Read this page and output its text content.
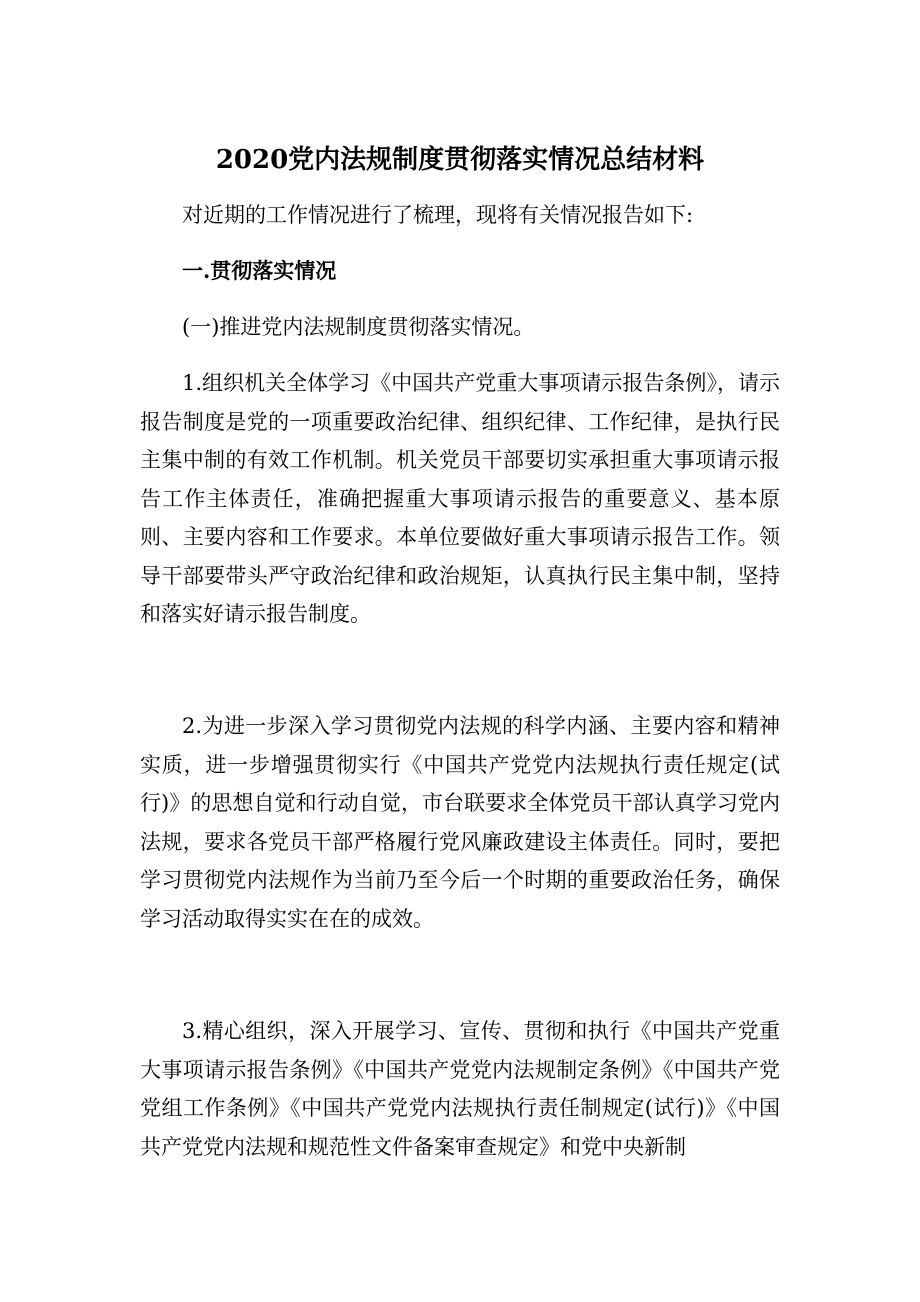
2020党内法规制度贯彻落实情况总结材料

对近期的工作情况进行了梳理，现将有关情况报告如下:

一.贯彻落实情况

(一)推进党内法规制度贯彻落实情况。

1.组织机关全体学习《中国共产党重大事项请示报告条例》，请示报告制度是党的一项重要政治纪律、组织纪律、工作纪律，是执行民主集中制的有效工作机制。机关党员干部要切实承担重大事项请示报告工作主体责任，准确把握重大事项请示报告的重要意义、基本原则、主要内容和工作要求。本单位要做好重大事项请示报告工作。领导干部要带头严守政治纪律和政治规矩，认真执行民主集中制，坚持和落实好请示报告制度。

2.为进一步深入学习贯彻党内法规的科学内涵、主要内容和精神实质，进一步增强贯彻实行《中国共产党党内法规执行责任规定(试行)》的思想自觉和行动自觉，市台联要求全体党员干部认真学习党内法规，要求各党员干部严格履行党风廉政建设主体责任。同时，要把学习贯彻党内法规作为当前乃至今后一个时期的重要政治任务，确保学习活动取得实实在在的成效。

3.精心组织，深入开展学习、宣传、贯彻和执行《中国共产党重大事项请示报告条例》《中国共产党党内法规制定条例》《中国共产党党组工作条例》《中国共产党党内法规执行责任制规定(试行)》《中国共产党党内法规和规范性文件备案审查规定》和党中央新制
